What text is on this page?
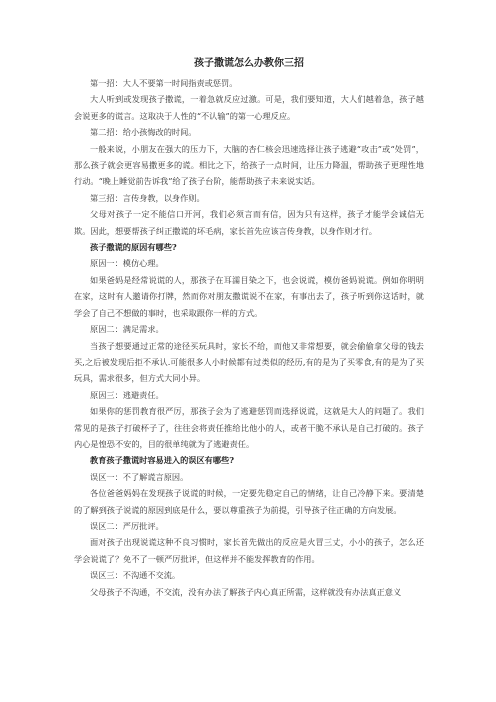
孩子撒谎怎么办教你三招

第一招：大人不要第一时间指责或惩罚。

大人听到或发现孩子撒谎，一着急就反应过激。可是，我们要知道，大人们越着急，孩子越会说更多的谎言。这取决于人性的“不认输”的第一心理反应。

第二招：给小孩悔改的时间。

一般来说，小朋友在强大的压力下，大脑的杏仁核会迅速选择让孩子逃避“攻击”或“处罚”，那么孩子就会更容易撒更多的谎。相比之下，给孩子一点时间，让压力降温，帮助孩子更理性地行动。“晚上睡觉前告诉我”给了孩子台阶，能帮助孩子未来说实话。

第三招：言传身教，以身作则。

父母对孩子一定不能信口开河，我们必须言而有信，因为只有这样，孩子才能学会诚信无欺。因此，想要帮孩子纠正撒谎的坏毛病，家长首先应该言传身教，以身作则才行。

孩子撒谎的原因有哪些?

原因一：模仿心理。

如果爸妈是经常说谎的人，那孩子在耳濡目染之下，也会说谎，模仿爸妈说谎。例如你明明在家，这时有人邀请你打牌，然而你对朋友撒谎说不在家，有事出去了，孩子听到你这话时，就学会了自己不想做的事时，也采取跟你一样的方式。

原因二：满足需求。

当孩子想要通过正常的途径买玩具时，家长不给，而他又非常想要，就会偷偷拿父母的钱去买,之后被发现后拒不承认.可能很多人小时候都有过类似的经历,有的是为了买零食,有的是为了买玩具，需求很多，但方式大同小异。

原因三：逃避责任。

如果你的惩罚教育很严厉，那孩子会为了逃避惩罚而选择说谎，这就是大人的问题了。我们常见的是孩子打破杯子了，往往会将责任推给比他小的人，或者干脆不承认是自己打破的。孩子内心是惶恐不安的，目的很单纯就为了逃避责任。

教育孩子撒谎时容易进入的误区有哪些?

误区一：不了解谎言原因。

各位爸爸妈妈在发现孩子说谎的时候，一定要先稳定自己的情绪，让自己冷静下来。要清楚的了解到孩子说谎的原因到底是什么，要以尊重孩子为前提，引导孩子往正确的方向发展。

误区二：严厉批评。

面对孩子出现说谎这种不良习惯时，家长首先做出的反应是火冒三丈，小小的孩子，怎么还学会说谎了？免不了一顿严厉批评，但这样并不能发挥教育的作用。

误区三：不沟通不交流。

父母孩子不沟通，不交流，没有办法了解孩子内心真正所需，这样就没有办法真正意义
